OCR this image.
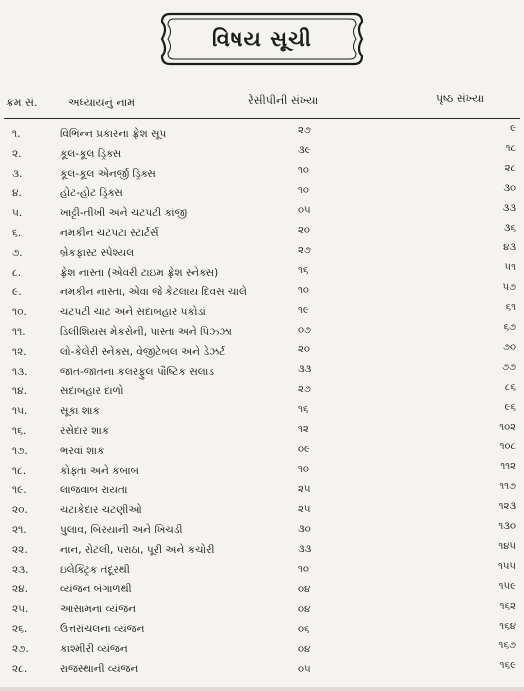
વિષય સૂચી
ક્રમ સં.	અધ્યાયનું નામ	રેસીપીની સંખ્યા	પૃષ્ઠ સંખ્યા
૧.	વિભિન્ન પ્રકારના ફ્રેશ સૂપ	૨૭	૯
૨.	કૂલ-કૂલ ડ્રિંક્સ	૩૯	૧૮
૩.	કૂલ-કૂલ એનર્જી ડ્રિંક્સ	૧૦	૨૮
૪.	હોટ-હોટ ડ્રિંક્સ	૧૦	૩૦
૫.	ખાટ્ટી-તીખી અને ચટપટી કાંજી	૦૫	૩૩
૬.	નમકીન ચટપટા સ્ટાર્ટર્સ	૨૦	૩૬
૭.	બ્રેકફાસ્ટ સ્પેશ્યલ	૨૭	૪૩
૮.	ફ્રેશ નાસ્તા (એવરી ટાઇમ ફ્રેશ સ્નેક્સ)	૧૬	૫૧
૯.	નમકીન નાસ્તા, એવા જે કેટલાય દિવસ ચાલે	૧૦	૫૭
૧૦.	ચટપટી ચાટ અને સદાબહાર પકોડાં	૧૯	૬૧
૧૧.	ડિલીશિયસ મેકરોની, પાસ્તા અને પિઝ્ઝા	૦૭	૬૭
૧૨.	લો-કેલેરી સ્નેક્સ, વેજીટેબલ અને ડેઝર્ટ	૨૦	૭૦
૧૩.	જાત-જાતના કલરફુલ પૌષ્ટિક સલાડ	૩૩	૭૭
૧૪.	સદાબહાર દાળો	૨૭	૮૬
૧૫.	સૂકા શાક	૧૬	૯૬
૧૬.	રસેદાર શાક	૧૨	૧૦૨
૧૭.	ભરવાં શાક	૦૯	૧૦૮
૧૮.	કોફ્તા અને કબાબ	૧૦	૧૧૨
૧૯.	લાજવાબ રાયતા	૨૫	૧૧૭
૨૦.	ચટાકેદાર ચટણીઓ	૨૫	૧૨૩
૨૧.	પુલાવ, બિરયાની અને ખિચડી	૩૦	૧૩૦
૨૨.	નાન, રોટલી, પરાઠા, પૂરી અને કચોરી	૩૩	૧૪૫
૨૩.	ઇલેક્ટ્રિક તંદૂરથી	૧૦	૧૫૫
૨૪.	વ્યંજન બંગાળથી	૦૪	૧૫૯
૨૫.	આસામના વ્યંજન	૦૪	૧૬૨
૨૬.	ઉત્તરાંચલના વ્યંજન	૦૬	૧૬૪
૨૭.	કાશ્મીરી વ્યંજન	૦૪	૧૬૭
૨૮.	રાજસ્થાની વ્યંજન	૦૫	૧૬૯
